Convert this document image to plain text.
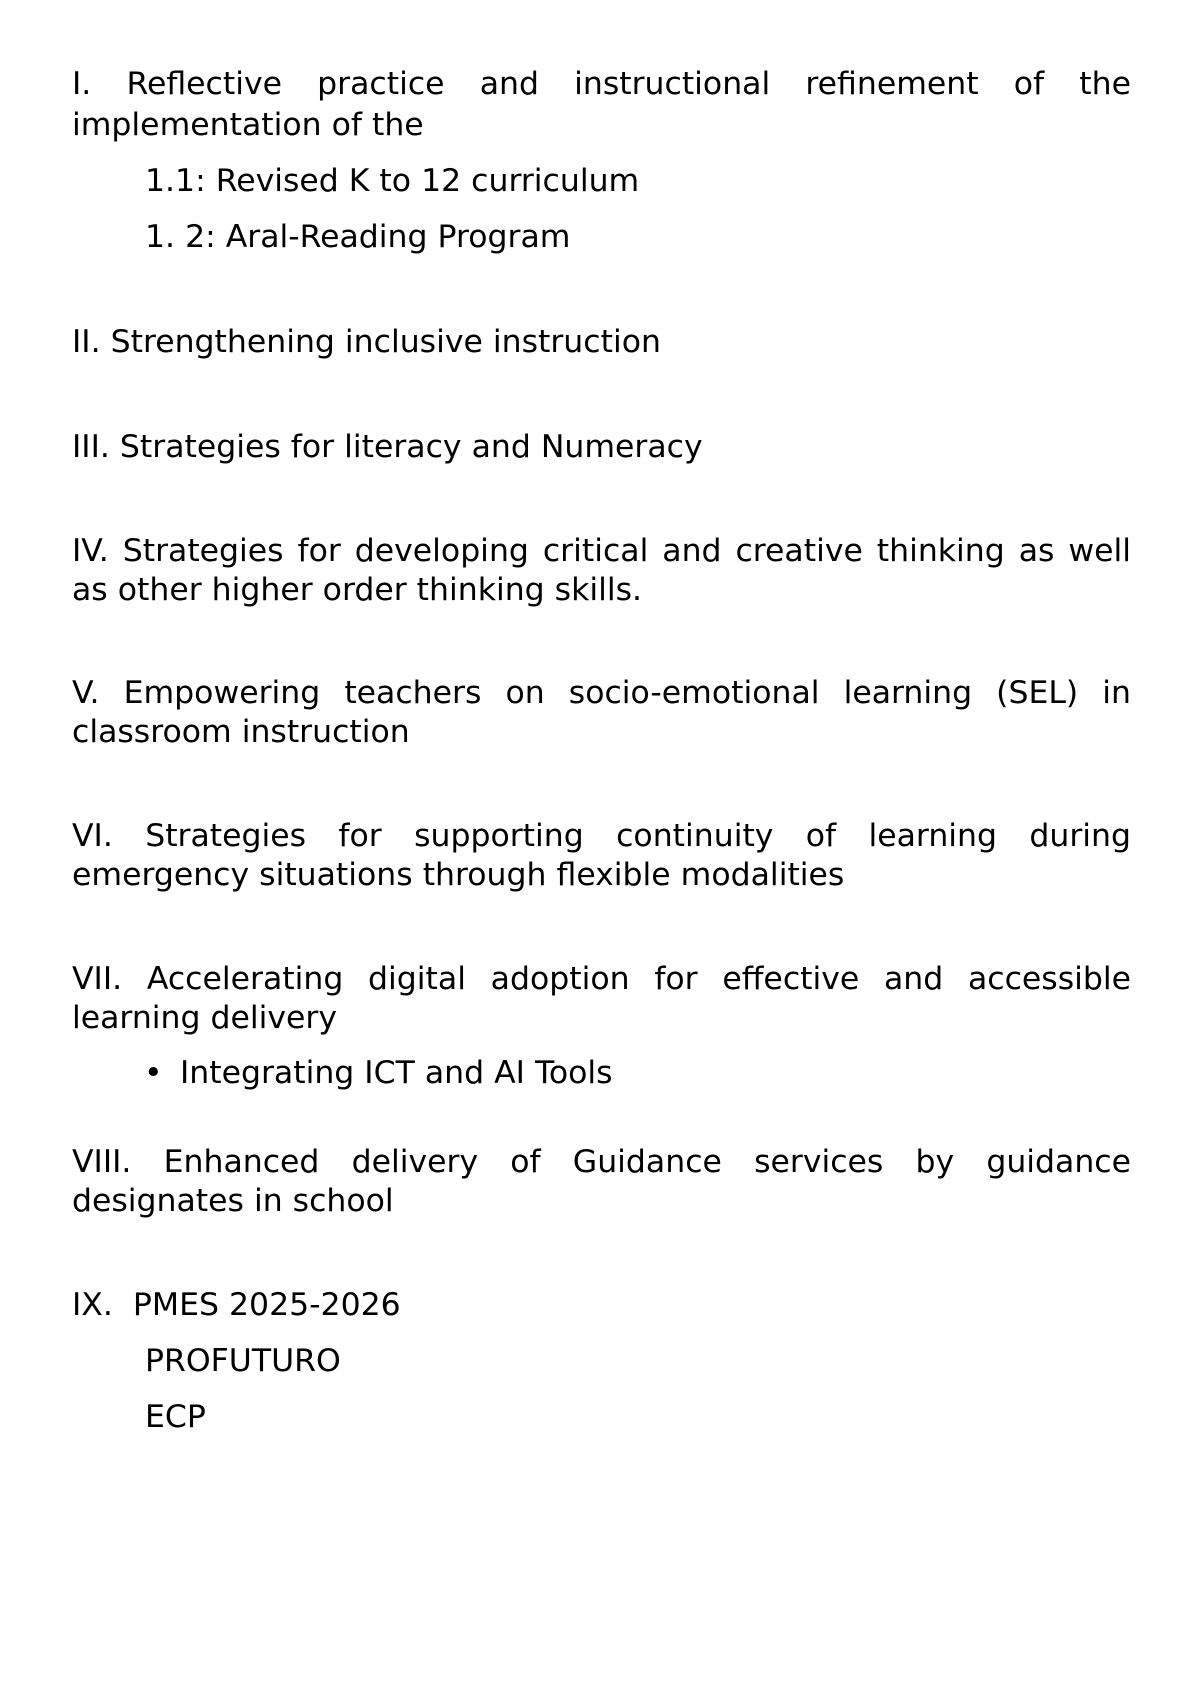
I. Reflective practice and instructional refinement of the implementation of the

1.1: Revised K to 12 curriculum
1. 2: Aral-Reading Program

II. Strengthening inclusive instruction

III. Strategies for literacy and Numeracy

IV. Strategies for developing critical and creative thinking as well as other higher order thinking skills.

V. Empowering teachers on socio-emotional learning (SEL) in classroom instruction

VI. Strategies for supporting continuity of learning during emergency situations through flexible modalities

VII. Accelerating digital adoption for effective and accessible learning delivery

• Integrating ICT and AI Tools

VIII. Enhanced delivery of Guidance services by guidance designates in school

IX.  PMES 2025-2026

PROFUTURO
ECP
